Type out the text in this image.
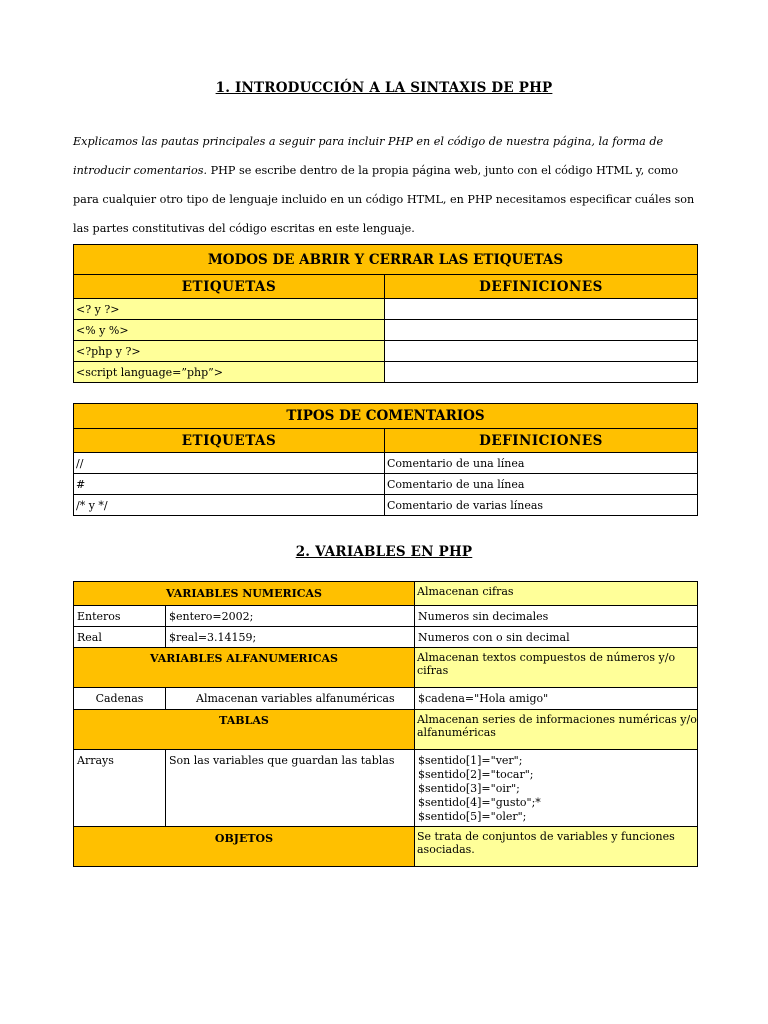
1. INTRODUCCIÓN A LA SINTAXIS DE PHP
Explicamos las pautas principales a seguir para incluir PHP en el código de nuestra página, la forma de introducir comentarios. PHP se escribe dentro de la propia página web, junto con el código HTML y, como para cualquier otro tipo de lenguaje incluido en un código HTML, en PHP necesitamos especificar cuáles son las partes constitutivas del código escritas en este lenguaje.
MODOS DE ABRIR Y CERRAR LAS ETIQUETAS	
ETIQUETAS	DEFINICIONES
<? y ?>	
<% y %>	
<?php y ?>	
<script language=”php”>	
TIPOS DE COMENTARIOS	
ETIQUETAS	DEFINICIONES
//	Comentario de una línea
#	Comentario de una línea
/* y */	Comentario de varias líneas
2. VARIABLES EN PHP
VARIABLES NUMERICAS		Almacenan cifras
Enteros	$entero=2002;	Numeros sin decimales
Real	$real=3.14159;	Numeros con o sin decimal
VARIABLES ALFANUMERICAS		Almacenan textos compuestos de números y/o cifras
Cadenas	Almacenan variables alfanuméricas	$cadena="Hola amigo"
TABLAS		Almacenan series de informaciones numéricas y/o alfanuméricas
Arrays	Son las variables que guardan las tablas	$sentido[1]="ver";
$sentido[2]="tocar";
$sentido[3]="oir";
$sentido[4]="gusto";*
$sentido[5]="oler";

OBJETOS		Se trata de conjuntos de variables y funciones asociadas.
